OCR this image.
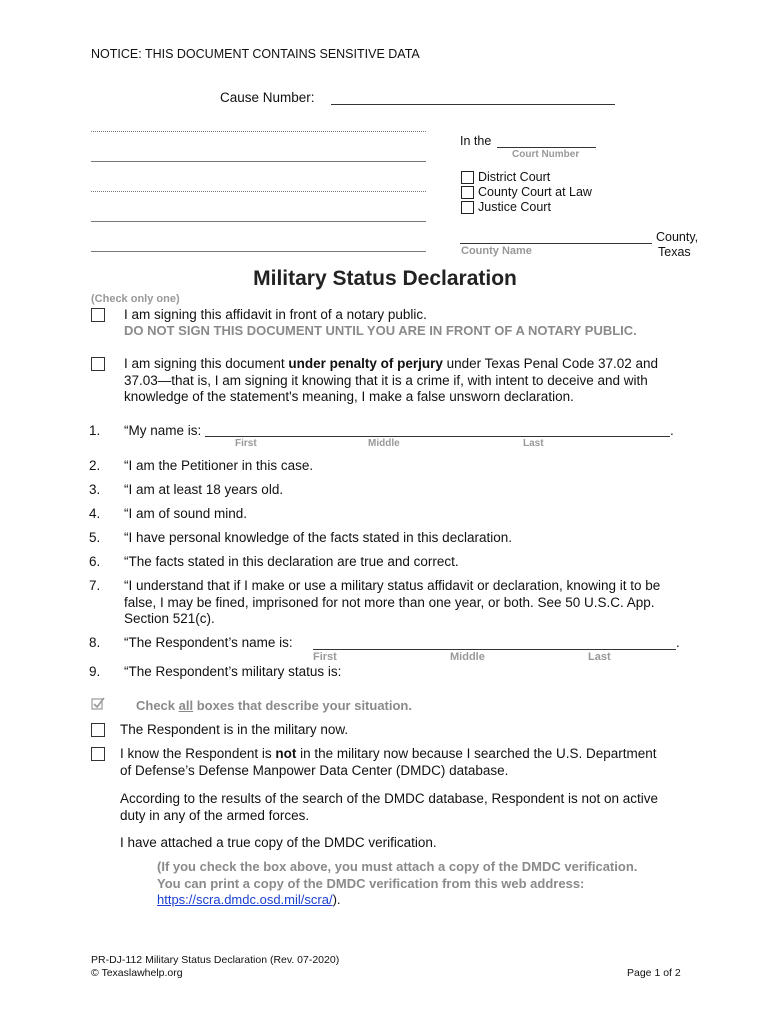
NOTICE: THIS DOCUMENT CONTAINS SENSITIVE DATA
Cause Number:
In the
Court Number
District Court
County Court at Law
Justice Court
County,
Texas
County Name
Military Status Declaration
(Check only one)
I am signing this affidavit in front of a notary public.
DO NOT SIGN THIS DOCUMENT UNTIL YOU ARE IN FRONT OF A NOTARY PUBLIC.
I am signing this document under penalty of perjury under Texas Penal Code 37.02 and
37.03—that is, I am signing it knowing that it is a crime if, with intent to deceive and with
knowledge of the statement's meaning, I make a false unsworn declaration.
1. “My name is:	.
First	Middle	Last
2. “I am the Petitioner in this case.
3. “I am at least 18 years old.
4. “I am of sound mind.
5. “I have personal knowledge of the facts stated in this declaration.
6. “The facts stated in this declaration are true and correct.
7. “I understand that if I make or use a military status affidavit or declaration, knowing it to be
false, I may be fined, imprisoned for not more than one year, or both. See 50 U.S.C. App.
Section 521(c).
8. “The Respondent’s name is:	.
First	Middle	Last
9. “The Respondent’s military status is:
Check all boxes that describe your situation.
The Respondent is in the military now.
I know the Respondent is not in the military now because I searched the U.S. Department
of Defense’s Defense Manpower Data Center (DMDC) database.
According to the results of the search of the DMDC database, Respondent is not on active
duty in any of the armed forces.
I have attached a true copy of the DMDC verification.
(If you check the box above, you must attach a copy of the DMDC verification.
You can print a copy of the DMDC verification from this web address:
https://scra.dmdc.osd.mil/scra/).
PR-DJ-112 Military Status Declaration (Rev. 07-2020)
© Texaslawhelp.org	Page 1 of 2
